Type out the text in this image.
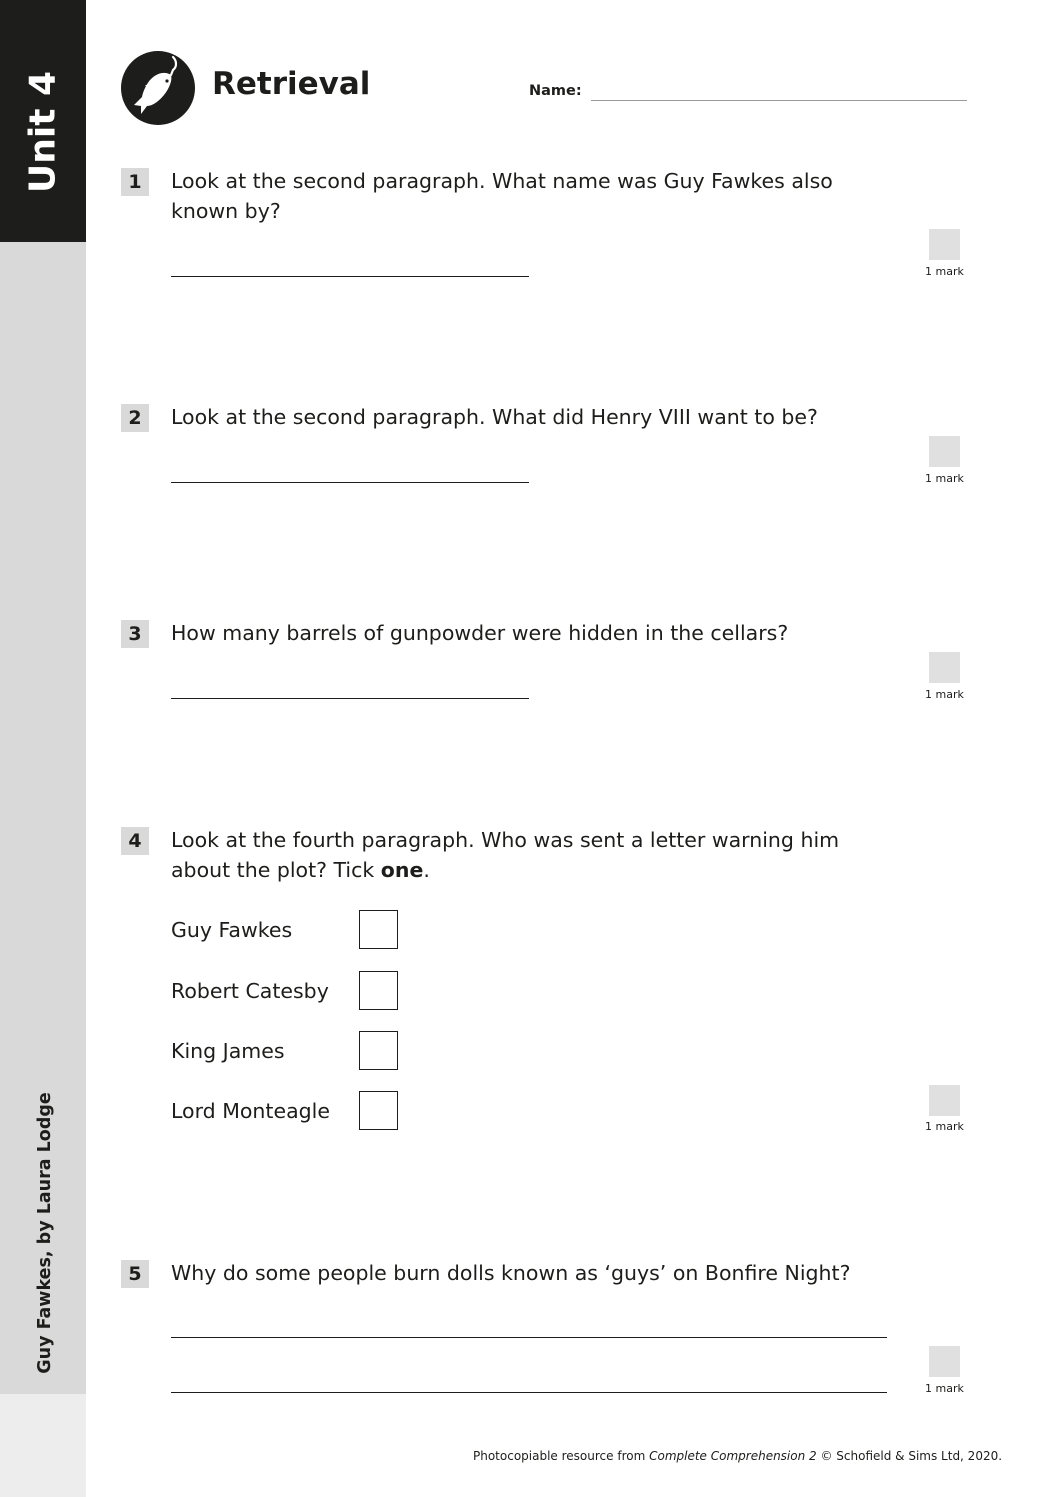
Unit 4
Guy Fawkes, by Laura Lodge
Retrieval	Name:
1	Look at the second paragraph. What name was Guy Fawkes also known by?
1 mark
2	Look at the second paragraph. What did Henry VIII want to be?
1 mark
3	How many barrels of gunpowder were hidden in the cellars?
1 mark
4	Look at the fourth paragraph. Who was sent a letter warning him about the plot? Tick one.
Guy Fawkes
Robert Catesby
King James
Lord Monteagle
1 mark
5	Why do some people burn dolls known as ‘guys’ on Bonfire Night?
1 mark
Photocopiable resource from Complete Comprehension 2 © Schofield & Sims Ltd, 2020.
